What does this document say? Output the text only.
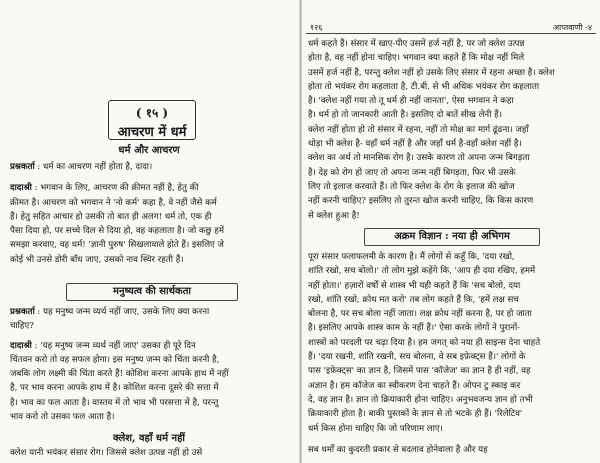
( १५ )
आचरण में धर्म
धर्म और आचरण

प्रश्नकर्ता : धर्म का आचरण नहीं होता है, दादा।

दादाश्री : भगवान के लिए, आचरण की क़ीमत नहीं है, हेतु की

क़ीमत है। आचरण को भगवान ने 'नो कर्म' कहा है, वे नहीं जैसे कर्म

हैं। हेतु सहित आचार हो उसकी तो बात ही अलग! धर्म तो, एक ही

पैसा दिया हो, पर सच्चे दिल से दिया हो, वह कहलाता है। जो कछु हमें

समझा करवाए, वह धर्म! 'ज्ञानी पुरुष' सिखलावाले होते हैं। इसलिए जे

कोई भी उनसे डोरी बाँध जाए, उसको नाव स्थिर रहती हैं।

मनुष्यत्व की सार्थकता

प्रश्नकर्ता : यह मनुष्य जन्म व्यर्थ नहीं जाए, उसके लिए क्या करना

चाहिए?

दादाश्री : 'यह मनुष्य जन्म व्यर्थ नहीं जाए' उसका ही पूरे दिन

चिंतवन करो तो वह सफल होगा। इस मनुष्य जन्म को चिंता करनी है,

जबकि लोग लक्ष्मी की चिंता करते हैं! कोशिश करना आपके हाथ में नहीं

है, पर भाव करना आपके हाथ में है। कोशिश करना दूसरे की सत्ता में

है। भाव का फल आता है। वास्तव में तो भाव भी परसत्ता में है, परन्तु

भाव करो तो उसका फल आता है।

क्लेश, वहाँ धर्म नहीं

क्लेश यानी भयंकर संसार रोग। जिससे क्लेश उत्पन्न नहीं हो उसे

१२६	आप्तवाणी -४

धर्म कहते हैं। संसार में खाए-पीए उसमें हर्ज नहीं है, पर जो क्लेश उत्पन्न

होता है, वह नहीं होना चाहिए। भगवान क्या कहते हैं कि मोक्ष नहीं मिले

उसमें हर्ज नहीं है, परन्तु क्लेश नहीं हो उसके लिए संसार में रहना अच्छा है। क्लेश

होता तो भयंकर रोग कहलाता है, टी.बी. से भी अधिक भयंकर रोग कहलाता

है। 'क्लेश नहीं गया तो तू धर्म ही नहीं जानता', ऐसा भगवान ने कहा

है। धर्म हो तो जानकारी आती है। इसलिए दो बातें सीख लेनी हैं।

क्लेश नहीं होता हो तो संसार में रहना, नहीं तो मोक्ष का मार्ग ढूंढना। जहाँ

थोड़ा भी क्लेश है- वहाँ धर्म नहीं है और जहाँ धर्म है-वहाँ क्लेश नहीं है।

क्लेश का अर्थ तो मानसिक रोग है। उसके कारण तो अपना जन्म बिगड़ता

है। देह को रोग हो जाए तो अपना जन्म नहीं बिगड़ता, फिर भी उसके

लिए तो इलाज करवाते हैं। तो फिर क्लेश के रोग के इलाज की खोज

नहीं करनी चाहिए? इसलिए तो तुरन्त खोज करनी चाहिए, कि किस कारण

से क्लेश हुआ है!

अक्रम विज्ञान : नया ही अभिगम

पूरा संसार फलाफलमी के कारण है। मैं लोगों से कहूँ कि, 'दया रखो,

शांति रखो, सच बोलो।' तो लोग मुझे कहेंगे कि, 'आप ही दया रखिए, हममें

नहीं होता।' हज़ारों वर्षों से शास्त्र भी यही कहते हैं कि 'सच बोलो, दया

रखो, शांति रखो, क्रोध मत करो' तब लोग कहते हैं कि, 'हमें लक्ष सच

बोलना है, पर सच बोला नहीं जाता। लक्ष क्रोध नहीं करना है, पर हो जाता

है। इसलिए आपके शास्त्र काम के नहीं हैं।' ऐसा करके लोगों ने पुरानों-

शास्त्रों को परदली पर चढ़ा दिया है। हम जगत् को नया ही साइन्स देना चाहते

हैं। 'दया रखनी, शांति रखनी, सच बोलना, वे सब इफ़ेक्ट्स हैं।' लोगों के

पास 'इफ़ेक्ट्स' का ज्ञान है, जिसमें पास 'कॉजेज' का ज्ञान है ही नहीं, वह

अज्ञान है। हम कॉजेज का स्वीकरण देना चाहते हैं। ओपन टु स्काइ कर

दे, वह ज्ञान है। ज्ञान तो क्रियाकारी होना चाहिए। अनुभवजन्य ज्ञान हो तभी

क्रियाकारी होता है। बाकी पुस्तकों के ज्ञान से तो भटके ही हैं। 'रिलेटिव'

धर्म किस होना चाहिए कि जो परिणाम लाए।

सब धर्मों का कुदरती प्रकार से बदलाव होनेवाला है और यह
